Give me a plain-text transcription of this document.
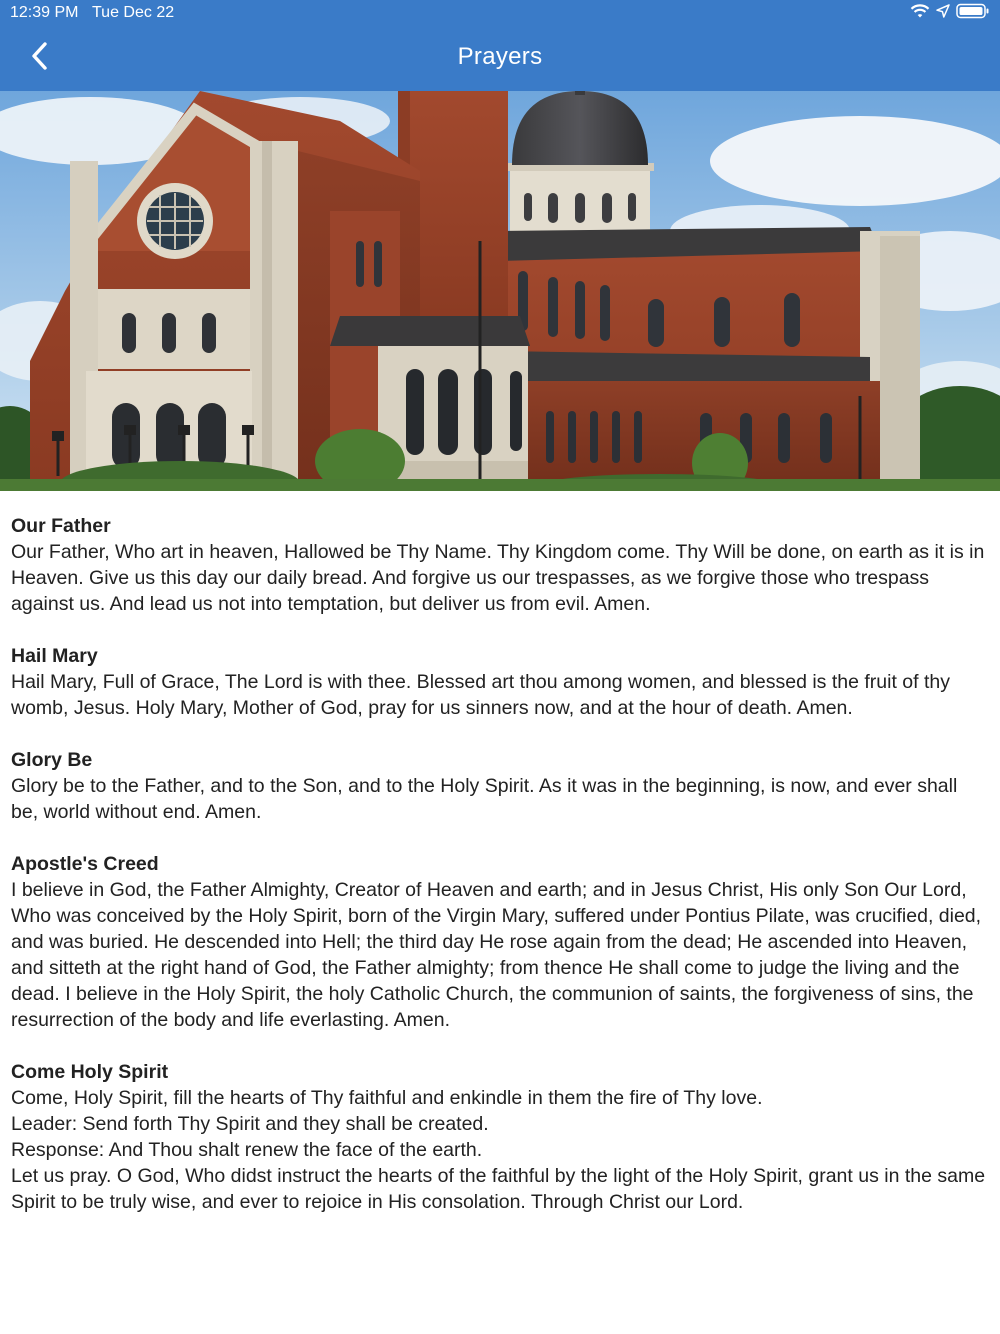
12:39 PM Tue Dec 22
Prayers
Our Father
Our Father, Who art in heaven, Hallowed be Thy Name. Thy Kingdom come. Thy Will be done, on earth as it is in Heaven. Give us this day our daily bread. And forgive us our trespasses, as we forgive those who trespass against us. And lead us not into temptation, but deliver us from evil. Amen.
Hail Mary
Hail Mary, Full of Grace, The Lord is with thee. Blessed art thou among women, and blessed is the fruit of thy womb, Jesus. Holy Mary, Mother of God, pray for us sinners now, and at the hour of death. Amen.
Glory Be
Glory be to the Father, and to the Son, and to the Holy Spirit. As it was in the beginning, is now, and ever shall be, world without end. Amen.
Apostle's Creed
I believe in God, the Father Almighty, Creator of Heaven and earth; and in Jesus Christ, His only Son Our Lord, Who was conceived by the Holy Spirit, born of the Virgin Mary, suffered under Pontius Pilate, was crucified, died, and was buried. He descended into Hell; the third day He rose again from the dead; He ascended into Heaven, and sitteth at the right hand of God, the Father almighty; from thence He shall come to judge the living and the dead. I believe in the Holy Spirit, the holy Catholic Church, the communion of saints, the forgiveness of sins, the resurrection of the body and life everlasting. Amen.
Come Holy Spirit
Come, Holy Spirit, fill the hearts of Thy faithful and enkindle in them the fire of Thy love.
Leader: Send forth Thy Spirit and they shall be created.
Response: And Thou shalt renew the face of the earth.
Let us pray. O God, Who didst instruct the hearts of the faithful by the light of the Holy Spirit, grant us in the same Spirit to be truly wise, and ever to rejoice in His consolation. Through Christ our Lord.
